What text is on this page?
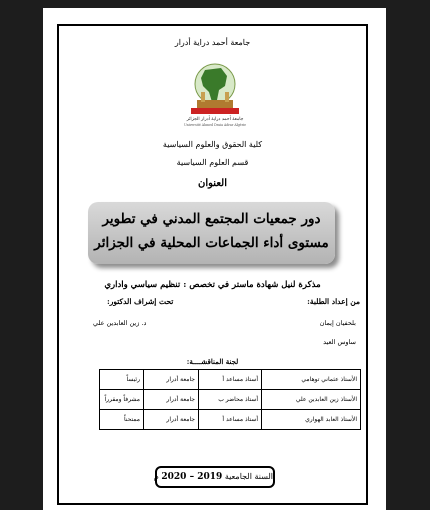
جامعة أحمد دراية أدرار
جامعة أحمد دراية أدرار الجزائر
Université Ahmed Draia Adrar Algérie
كلية الحقوق والعلوم السياسية
قسم العلوم السياسية
العنوان
دور جمعيات المجتمع المدني في تطوير
مستوى أداء الجماعات المحلية في الجزائر
مذكرة لنيل شهادة ماستر في تخصص : تنظيم سياسي واداري
من إعداد الطلبة:
تحت إشراف الدكتور:
بلحفيان إيمان
د. زين العابدين علي
ساوس العيد
لجنة المناقشــــة:
الأستاذ عثماني توهامي	أستاذ مساعد أ	جامعة أدرار	رئيساً
الأستاذ زين العابدين علي	أستاذ محاضر ب	جامعة أدرار	مشرفاً ومقرراً
الأستاذ العابد الهواري	أستاذ مساعد أ	جامعة أدرار	ممتحناً
السنة الجامعية 2019 – 2020 م
